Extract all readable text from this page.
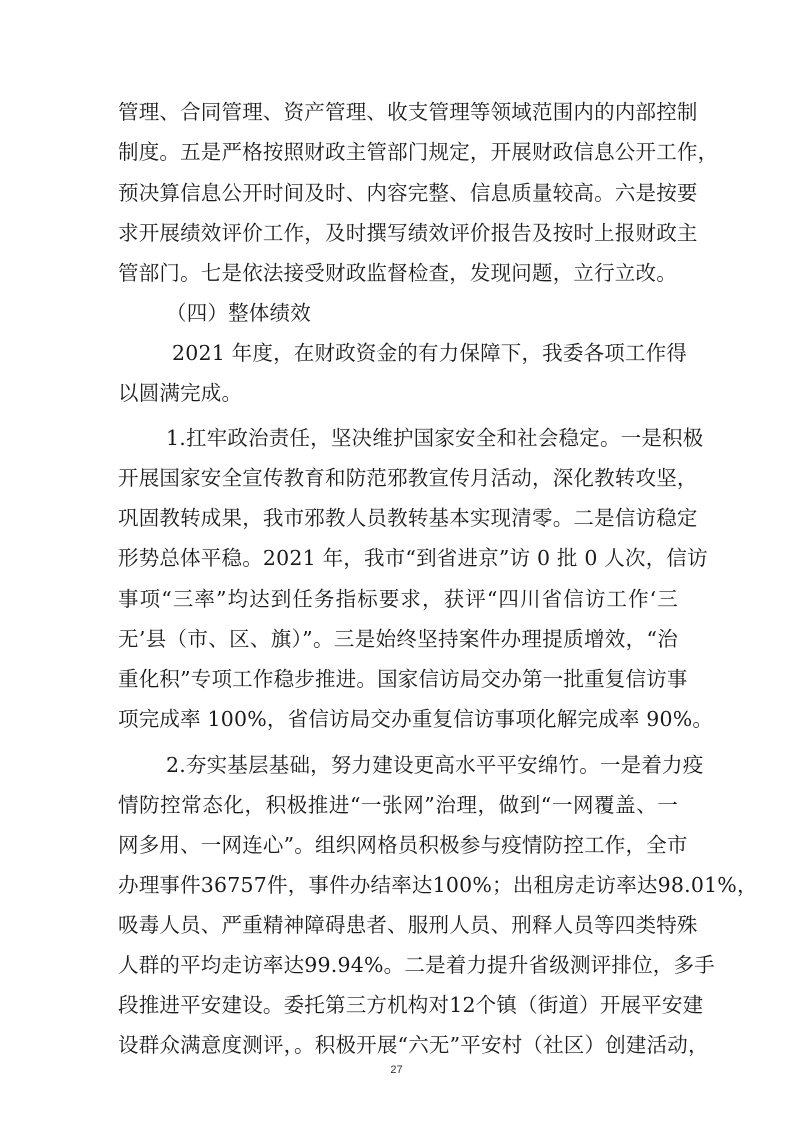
管理、合同管理、资产管理、收支管理等领域范围内的内部控制
制度。五是严格按照财政主管部门规定，开展财政信息公开工作，
预决算信息公开时间及时、内容完整、信息质量较高。六是按要
求开展绩效评价工作，及时撰写绩效评价报告及按时上报财政主
管部门。七是依法接受财政监督检查，发现问题，立行立改。
（四）整体绩效
2021 年度，在财政资金的有力保障下，我委各项工作得
以圆满完成。
1.扛牢政治责任，坚决维护国家安全和社会稳定。一是积极
开展国家安全宣传教育和防范邪教宣传月活动，深化教转攻坚，
巩固教转成果，我市邪教人员教转基本实现清零。二是信访稳定
形势总体平稳。2021 年，我市“到省进京”访 0 批 0 人次，信访
事项“三率”均达到任务指标要求，获评“四川省信访工作‘三
无’县（市、区、旗）”。三是始终坚持案件办理提质增效，“治
重化积”专项工作稳步推进。国家信访局交办第一批重复信访事
项完成率 100%，省信访局交办重复信访事项化解完成率 90%。
2.夯实基层基础，努力建设更高水平平安绵竹。一是着力疫
情防控常态化，积极推进“一张网”治理，做到“一网覆盖、一
网多用、一网连心”。组织网格员积极参与疫情防控工作，全市
办理事件36757件，事件办结率达100%；出租房走访率达98.01%，
吸毒人员、严重精神障碍患者、服刑人员、刑释人员等四类特殊
人群的平均走访率达99.94%。二是着力提升省级测评排位，多手
段推进平安建设。委托第三方机构对12个镇（街道）开展平安建
设群众满意度测评，。积极开展“六无”平安村（社区）创建活动，
27
